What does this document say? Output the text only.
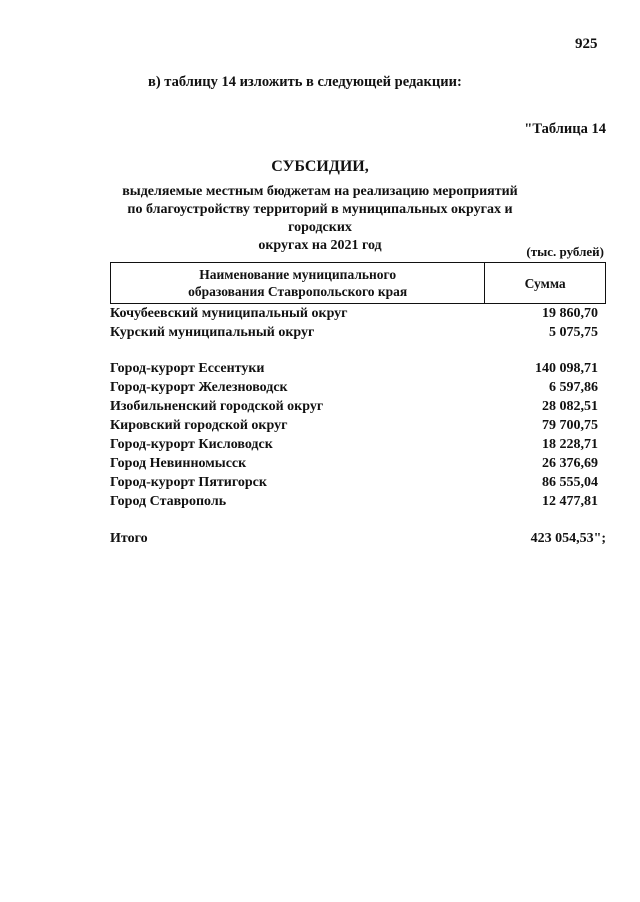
925
в) таблицу 14 изложить в следующей редакции:
"Таблица 14
СУБСИДИИ,
выделяемые местным бюджетам на реализацию мероприятий
по благоустройству территорий в муниципальных округах и городских
округах на 2021 год	(тыс. рублей)
Наименование муниципального
образования Ставропольского края
	Сумма
Кочубеевский муниципальный округ	19 860,70
Курский муниципальный округ	5 075,75
Город-курорт Ессентуки	140 098,71
Город-курорт Железноводск	6 597,86
Изобильненский городской округ	28 082,51
Кировский городской округ	79 700,75
Город-курорт Кисловодск	18 228,71
Город Невинномысск	26 376,69
Город-курорт Пятигорск	86 555,04
Город Ставрополь	12 477,81
Итого	423 054,53";
